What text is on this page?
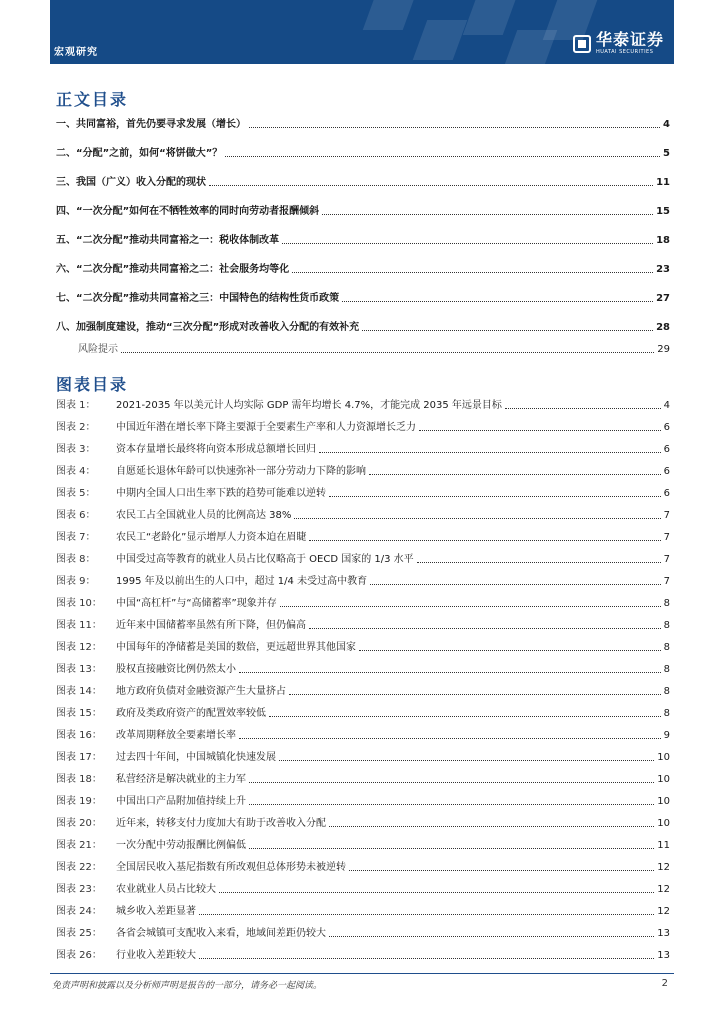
宏观研究
华泰证券
HUATAI SECURITIES
正文目录
一、共同富裕，首先仍要寻求发展（增长）	4
二、“分配”之前，如何“将饼做大”？	5
三、我国（广义）收入分配的现状	11
四、“一次分配”如何在不牺牲效率的同时向劳动者报酬倾斜	15
五、“二次分配”推动共同富裕之一：税收体制改革	18
六、“二次分配”推动共同富裕之二：社会服务均等化	23
七、“二次分配”推动共同富裕之三：中国特色的结构性货币政策	27
八、加强制度建设，推动“三次分配”形成对改善收入分配的有效补充	28
风险提示	29
图表目录
图表 1： 2021-2035 年以美元计人均实际 GDP 需年均增长 4.7%，才能完成 2035 年远景目标	4
图表 2： 中国近年潜在增长率下降主要源于全要素生产率和人力资源增长乏力	6
图表 3： 资本存量增长最终将向资本形成总额增长回归	6
图表 4： 自愿延长退休年龄可以快速弥补一部分劳动力下降的影响	6
图表 5： 中期内全国人口出生率下跌的趋势可能难以逆转	6
图表 6： 农民工占全国就业人员的比例高达 38%	7
图表 7： 农民工“老龄化”显示增厚人力资本迫在眉睫	7
图表 8： 中国受过高等教育的就业人员占比仅略高于 OECD 国家的 1/3 水平	7
图表 9： 1995 年及以前出生的人口中，超过 1/4 未受过高中教育	7
图表 10： 中国“高杠杆”与“高储蓄率”现象并存	8
图表 11： 近年来中国储蓄率虽然有所下降，但仍偏高	8
图表 12： 中国每年的净储蓄是美国的数倍，更远超世界其他国家	8
图表 13： 股权直接融资比例仍然太小	8
图表 14： 地方政府负债对金融资源产生大量挤占	8
图表 15： 政府及类政府资产的配置效率较低	8
图表 16： 改革周期释放全要素增长率	9
图表 17： 过去四十年间，中国城镇化快速发展	10
图表 18： 私营经济是解决就业的主力军	10
图表 19： 中国出口产品附加值持续上升	10
图表 20： 近年来，转移支付力度加大有助于改善收入分配	10
图表 21： 一次分配中劳动报酬比例偏低	11
图表 22： 全国居民收入基尼指数有所改观但总体形势未被逆转	12
图表 23： 农业就业人员占比较大	12
图表 24： 城乡收入差距显著	12
图表 25： 各省会城镇可支配收入来看，地域间差距仍较大	13
图表 26： 行业收入差距较大	13
免责声明和披露以及分析师声明是报告的一部分，请务必一起阅读。	2
